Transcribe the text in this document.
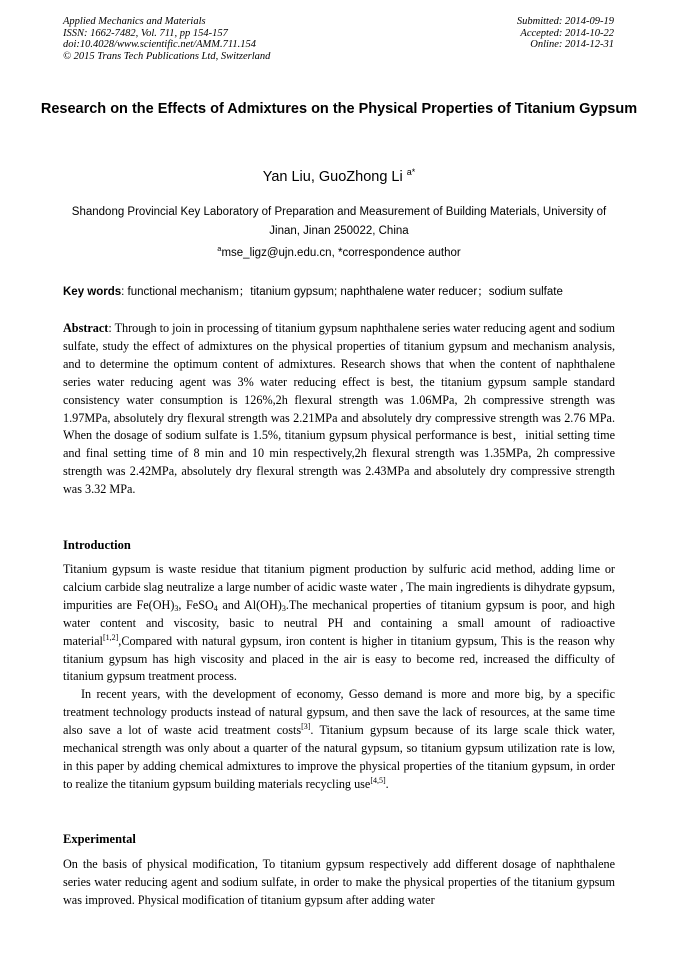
Applied Mechanics and Materials
ISSN: 1662-7482, Vol. 711, pp 154-157
doi:10.4028/www.scientific.net/AMM.711.154
© 2015 Trans Tech Publications Ltd, Switzerland
Submitted: 2014-09-19
Accepted: 2014-10-22
Online: 2014-12-31
Research on the Effects of Admixtures on the Physical Properties of Titanium Gypsum
Yan Liu, GuoZhong Li $^{a*}$
Shandong Provincial Key Laboratory of Preparation and Measurement of Building Materials, University of Jinan, Jinan 250022, China
$^a$mse_ligz@ujn.edu.cn, *correspondence author
Key words: functional mechanism；titanium gypsum; naphthalene water reducer；sodium sulfate
Abstract: Through to join in processing of titanium gypsum naphthalene series water reducing agent and sodium sulfate, study the effect of admixtures on the physical properties of titanium gypsum and mechanism analysis, and to determine the optimum content of admixtures. Research shows that when the content of naphthalene series water reducing agent was 3% water reducing effect is best, the titanium gypsum sample standard consistency water consumption is 126%,2h flexural strength was 1.06MPa, 2h compressive strength was 1.97MPa, absolutely dry flexural strength was 2.21MPa and absolutely dry compressive strength was 2.76 MPa. When the dosage of sodium sulfate is 1.5%, titanium gypsum physical performance is best，initial setting time and final setting time of 8 min and 10 min respectively,2h flexural strength was 1.35MPa, 2h compressive strength was 2.42MPa, absolutely dry flexural strength was 2.43MPa and absolutely dry compressive strength was 3.32 MPa.
Introduction

Titanium gypsum is waste residue that titanium pigment production by sulfuric acid method, adding lime or calcium carbide slag neutralize a large number of acidic waste water , The main ingredients is dihydrate gypsum, impurities are $Fe(OH)_3$, FeSO$_4$ and $Al(OH)_3.The$ mechanical properties of titanium gypsum is poor, and high water content and viscosity, basic to neutral PH and containing a small amount of radioactive material[1,2],Compared with natural gypsum, iron content is higher in titanium gypsum, This is the reason why titanium gypsum has high viscosity and placed in the air is easy to become red, increased the difficulty of titanium gypsum treatment process.

In recent years, with the development of economy, Gesso demand is more and more big, by a specific treatment technology products instead of natural gypsum, and then save the lack of resources, at the same time also save a lot of waste acid treatment costs[3]. Titanium gypsum because of its large scale thick water, mechanical strength was only about a quarter of the natural gypsum, so titanium gypsum utilization rate is low, in this paper by adding chemical admixtures to improve the physical properties of the titanium gypsum, in order to realize the titanium gypsum building materials recycling use[4,5].

Experimental

On the basis of physical modification, To titanium gypsum respectively add different dosage of naphthalene series water reducing agent and sodium sulfate, in order to make the physical properties of the titanium gypsum was improved. Physical modification of titanium gypsum after adding water
